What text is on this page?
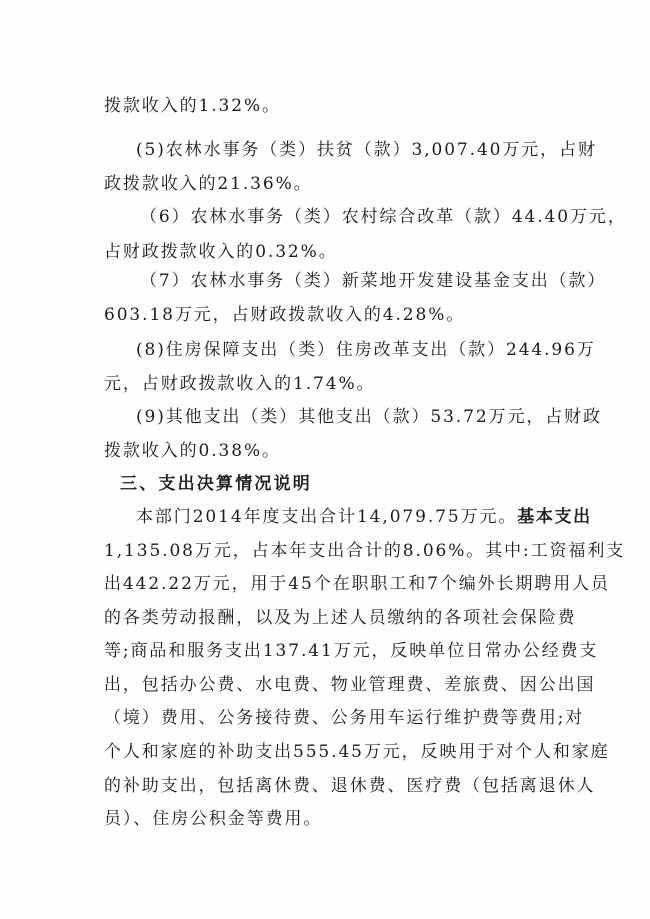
拨款收入的1.32%。
(5)农林水事务（类）扶贫（款）3,007.40万元，占财
政拨款收入的21.36%。
（6）农林水事务（类）农村综合改革（款）44.40万元，
占财政拨款收入的0.32%。
（7）农林水事务（类）新菜地开发建设基金支出（款）
603.18万元，占财政拨款收入的4.28%。
(8)住房保障支出（类）住房改革支出（款）244.96万
元，占财政拨款收入的1.74%。
(9)其他支出（类）其他支出（款）53.72万元，占财政
拨款收入的0.38%。
三、支出决算情况说明
本部门2014年度支出合计14,079.75万元。基本支出
1,135.08万元，占本年支出合计的8.06%。其中:工资福利支
出442.22万元，用于45个在职职工和7个编外长期聘用人员
的各类劳动报酬，以及为上述人员缴纳的各项社会保险费
等;商品和服务支出137.41万元，反映单位日常办公经费支
出，包括办公费、水电费、物业管理费、差旅费、因公出国
（境）费用、公务接待费、公务用车运行维护费等费用;对
个人和家庭的补助支出555.45万元，反映用于对个人和家庭
的补助支出，包括离休费、退休费、医疗费（包括离退休人
员）、住房公积金等费用。
